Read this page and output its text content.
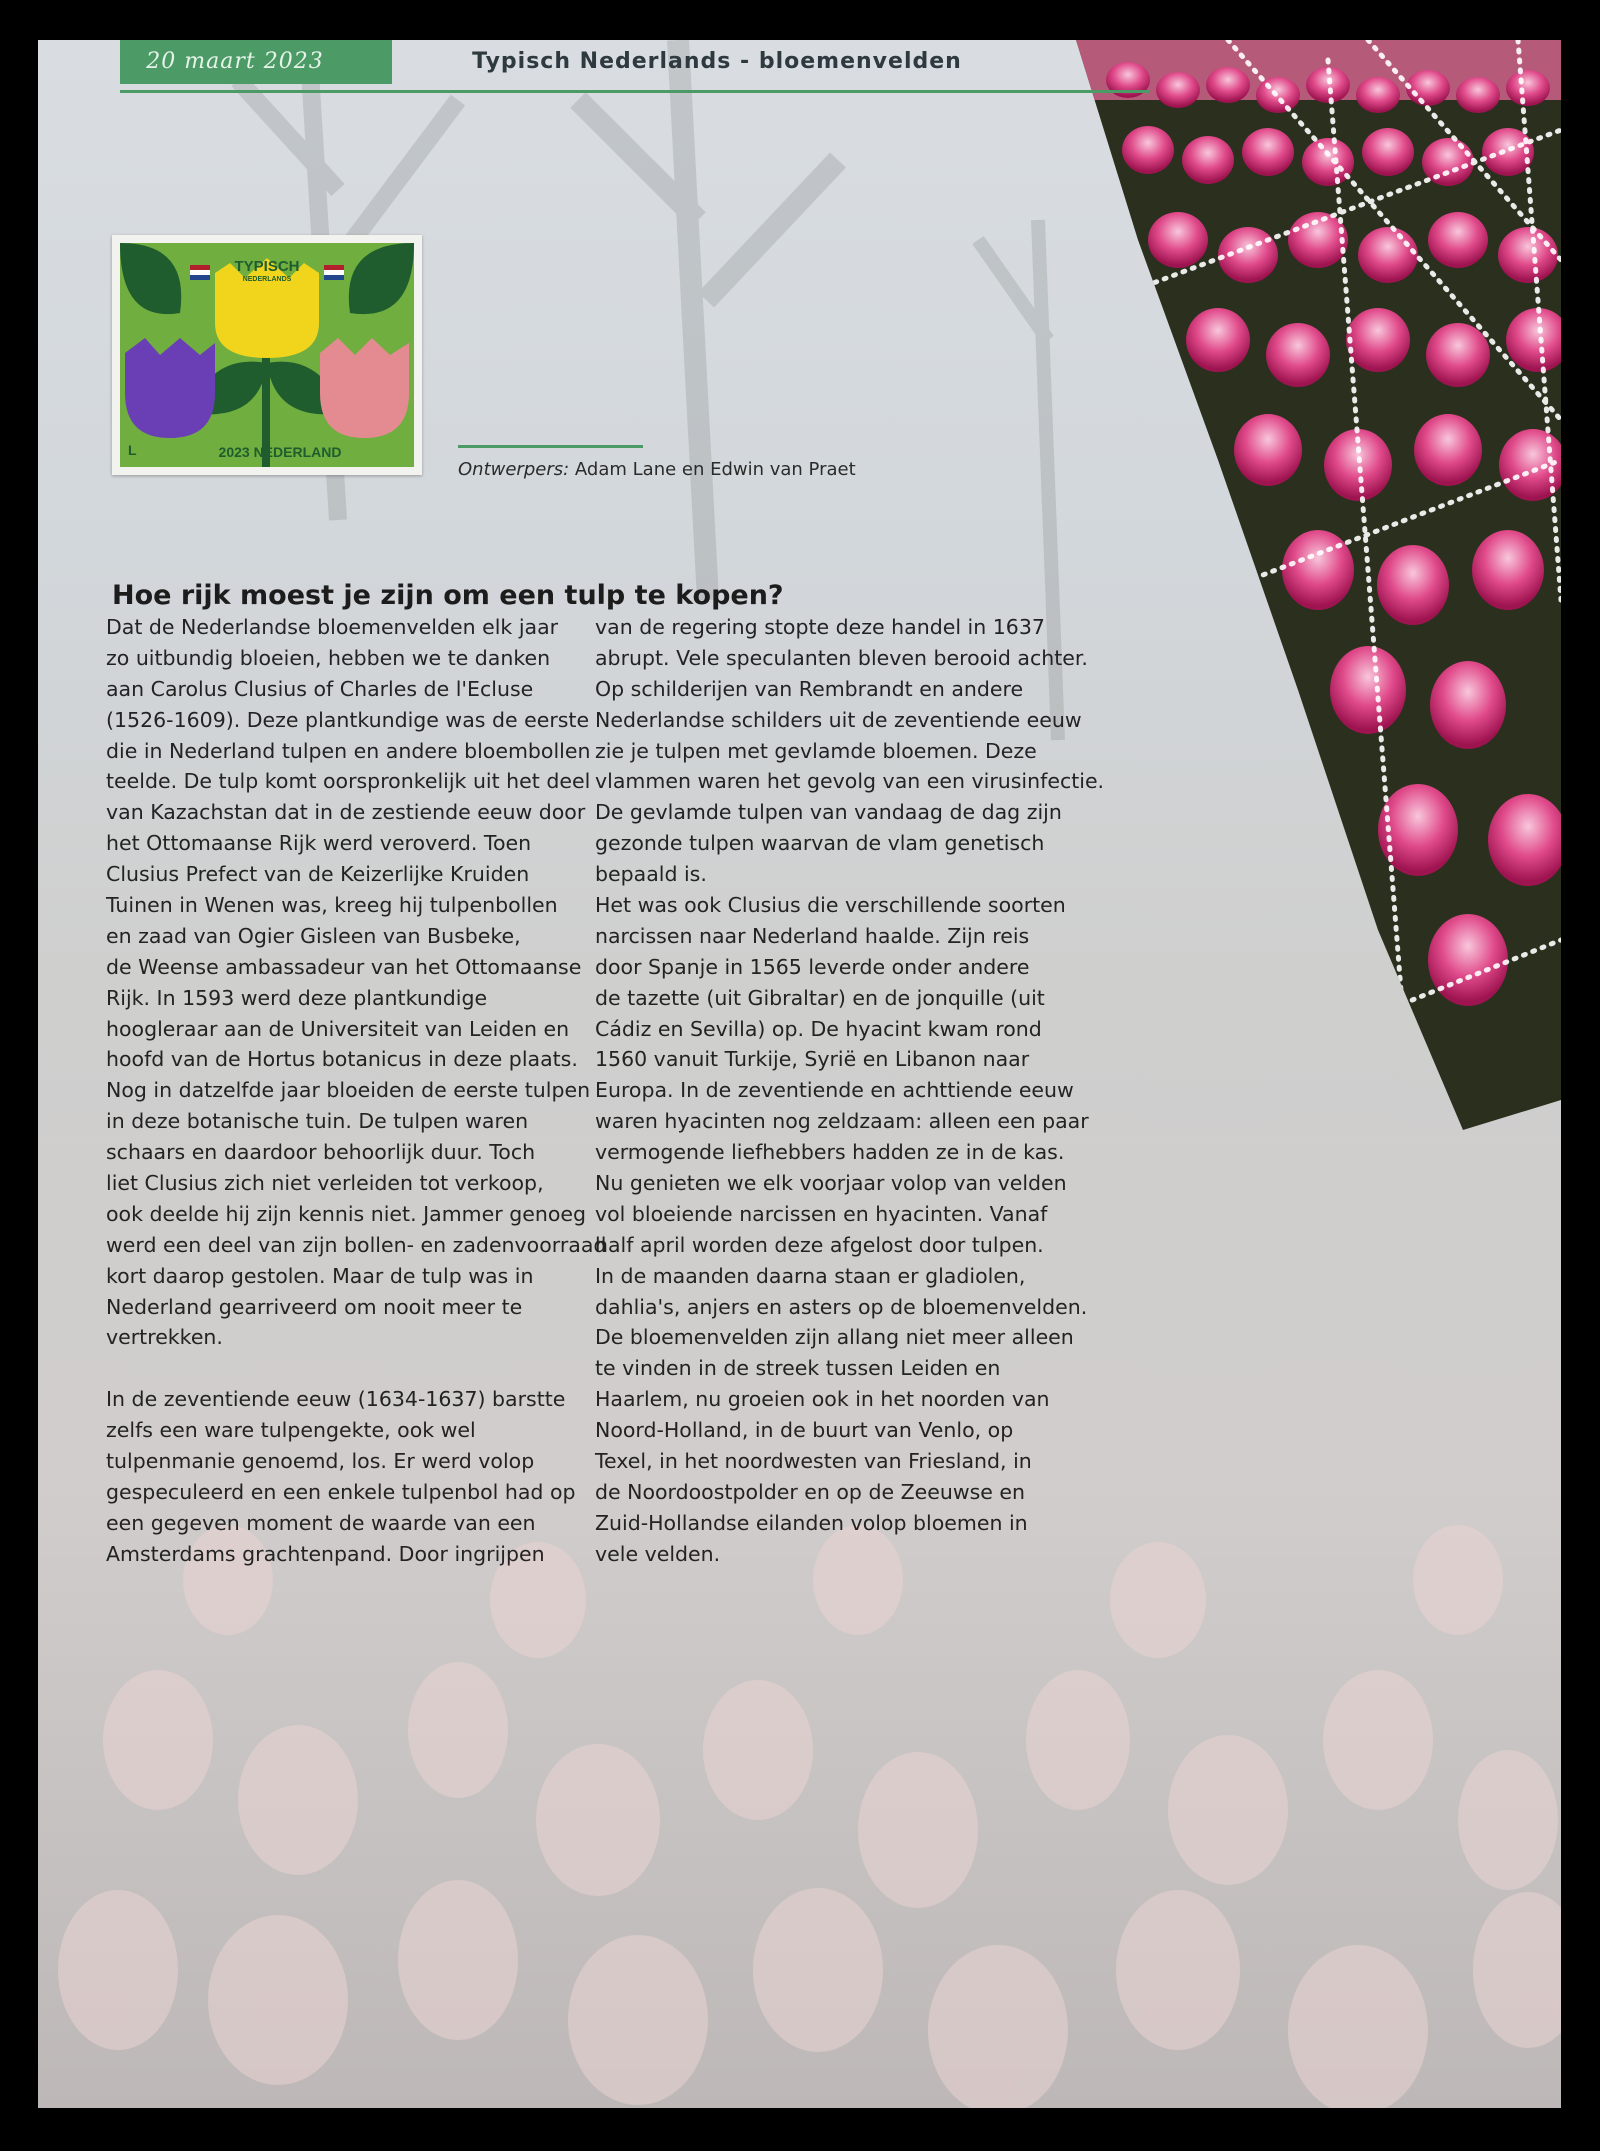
20 maart 2023	Typisch Nederlands - bloemenvelden
TYPISCH
NEDERLANDS
L	2023 NEDERLAND
Ontwerpers: Adam Lane en Edwin van Praet
Hoe rijk moest je zijn om een tulp te kopen?
Dat de Nederlandse bloemenvelden elk jaar
zo uitbundig bloeien, hebben we te danken
aan Carolus Clusius of Charles de l'Ecluse
(1526-1609). Deze plantkundige was de eerste
die in Nederland tulpen en andere bloembollen
teelde. De tulp komt oorspronkelijk uit het deel
van Kazachstan dat in de zestiende eeuw door
het Ottomaanse Rijk werd veroverd. Toen
Clusius Prefect van de Keizerlijke Kruiden
Tuinen in Wenen was, kreeg hij tulpenbollen
en zaad van Ogier Gisleen van Busbeke,
de Weense ambassadeur van het Ottomaanse
Rijk. In 1593 werd deze plantkundige
hoogleraar aan de Universiteit van Leiden en
hoofd van de Hortus botanicus in deze plaats.
Nog in datzelfde jaar bloeiden de eerste tulpen
in deze botanische tuin. De tulpen waren
schaars en daardoor behoorlijk duur. Toch
liet Clusius zich niet verleiden tot verkoop,
ook deelde hij zijn kennis niet. Jammer genoeg
werd een deel van zijn bollen- en zadenvoorraad
kort daarop gestolen. Maar de tulp was in
Nederland gearriveerd om nooit meer te
vertrekken.
In de zeventiende eeuw (1634-1637) barstte
zelfs een ware tulpengekte, ook wel
tulpenmanie genoemd, los. Er werd volop
gespeculeerd en een enkele tulpenbol had op
een gegeven moment de waarde van een
Amsterdams grachtenpand. Door ingrijpen
van de regering stopte deze handel in 1637
abrupt. Vele speculanten bleven berooid achter.
Op schilderijen van Rembrandt en andere
Nederlandse schilders uit de zeventiende eeuw
zie je tulpen met gevlamde bloemen. Deze
vlammen waren het gevolg van een virusinfectie.
De gevlamde tulpen van vandaag de dag zijn
gezonde tulpen waarvan de vlam genetisch
bepaald is.
Het was ook Clusius die verschillende soorten
narcissen naar Nederland haalde. Zijn reis
door Spanje in 1565 leverde onder andere
de tazette (uit Gibraltar) en de jonquille (uit
Cádiz en Sevilla) op. De hyacint kwam rond
1560 vanuit Turkije, Syrië en Libanon naar
Europa. In de zeventiende en achttiende eeuw
waren hyacinten nog zeldzaam: alleen een paar
vermogende liefhebbers hadden ze in de kas.
Nu genieten we elk voorjaar volop van velden
vol bloeiende narcissen en hyacinten. Vanaf
half april worden deze afgelost door tulpen.
In de maanden daarna staan er gladiolen,
dahlia's, anjers en asters op de bloemenvelden.
De bloemenvelden zijn allang niet meer alleen
te vinden in de streek tussen Leiden en
Haarlem, nu groeien ook in het noorden van
Noord-Holland, in de buurt van Venlo, op
Texel, in het noordwesten van Friesland, in
de Noordoostpolder en op de Zeeuwse en
Zuid-Hollandse eilanden volop bloemen in
vele velden.
